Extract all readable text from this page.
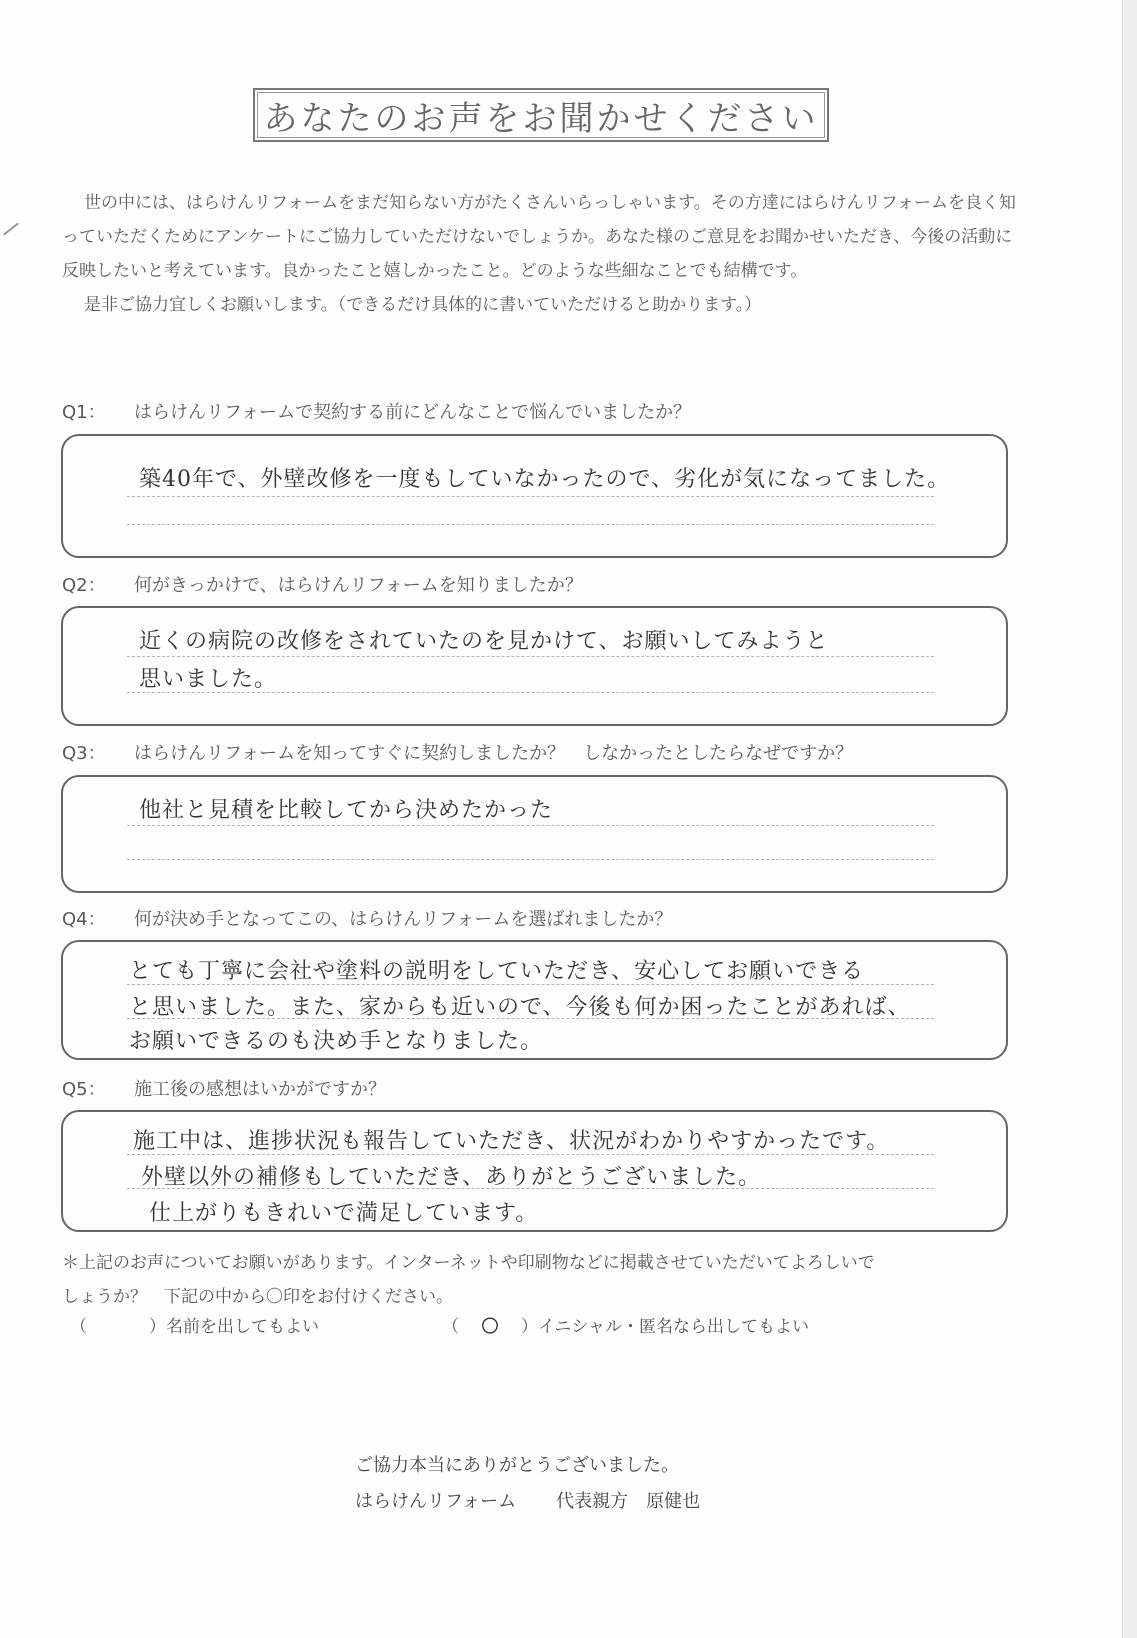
あなたのお声をお聞かせください

世の中には、はらけんリフォームをまだ知らない方がたくさんいらっしゃいます。その方達にはらけんリフォームを良く知っていただくためにアンケートにご協力していただけないでしょうか。あなた様のご意見をお聞かせいただき、今後の活動に反映したいと考えています。良かったこと嬉しかったこと。どのような些細なことでも結構です。

是非ご協力宜しくお願いします。（できるだけ具体的に書いていただけると助かります。）

Q1： はらけんリフォームで契約する前にどんなことで悩んでいましたか？
築40年で、外壁改修を一度もしていなかったので、劣化が気になってました。
Q2： 何がきっかけで、はらけんリフォームを知りましたか？
近くの病院の改修をされていたのを見かけて、お願いしてみようと
思いました。
Q3： はらけんリフォームを知ってすぐに契約しましたか？　しなかったとしたらなぜですか？
他社と見積を比較してから決めたかった
Q4： 何が決め手となってこの、はらけんリフォームを選ばれましたか？
とても丁寧に会社や塗料の説明をしていただき、安心してお願いできる
と思いました。また、家からも近いので、今後も何か困ったことがあれば、
お願いできるのも決め手となりました。
Q5： 施工後の感想はいかがですか？
施工中は、進捗状況も報告していただき、状況がわかりやすかったです。
外壁以外の補修もしていただき、ありがとうございました。
仕上がりもきれいで満足しています。

＊上記のお声についてお願いがあります。インターネットや印刷物などに掲載させていただいてよろしいで

しょうか？　下記の中から〇印をお付けください。

（	）名前を出してもよい	（ 〇 ）イニシャル・匿名なら出してもよい

ご協力本当にありがとうございました。

はらけんリフォーム 代表親方　原健也
